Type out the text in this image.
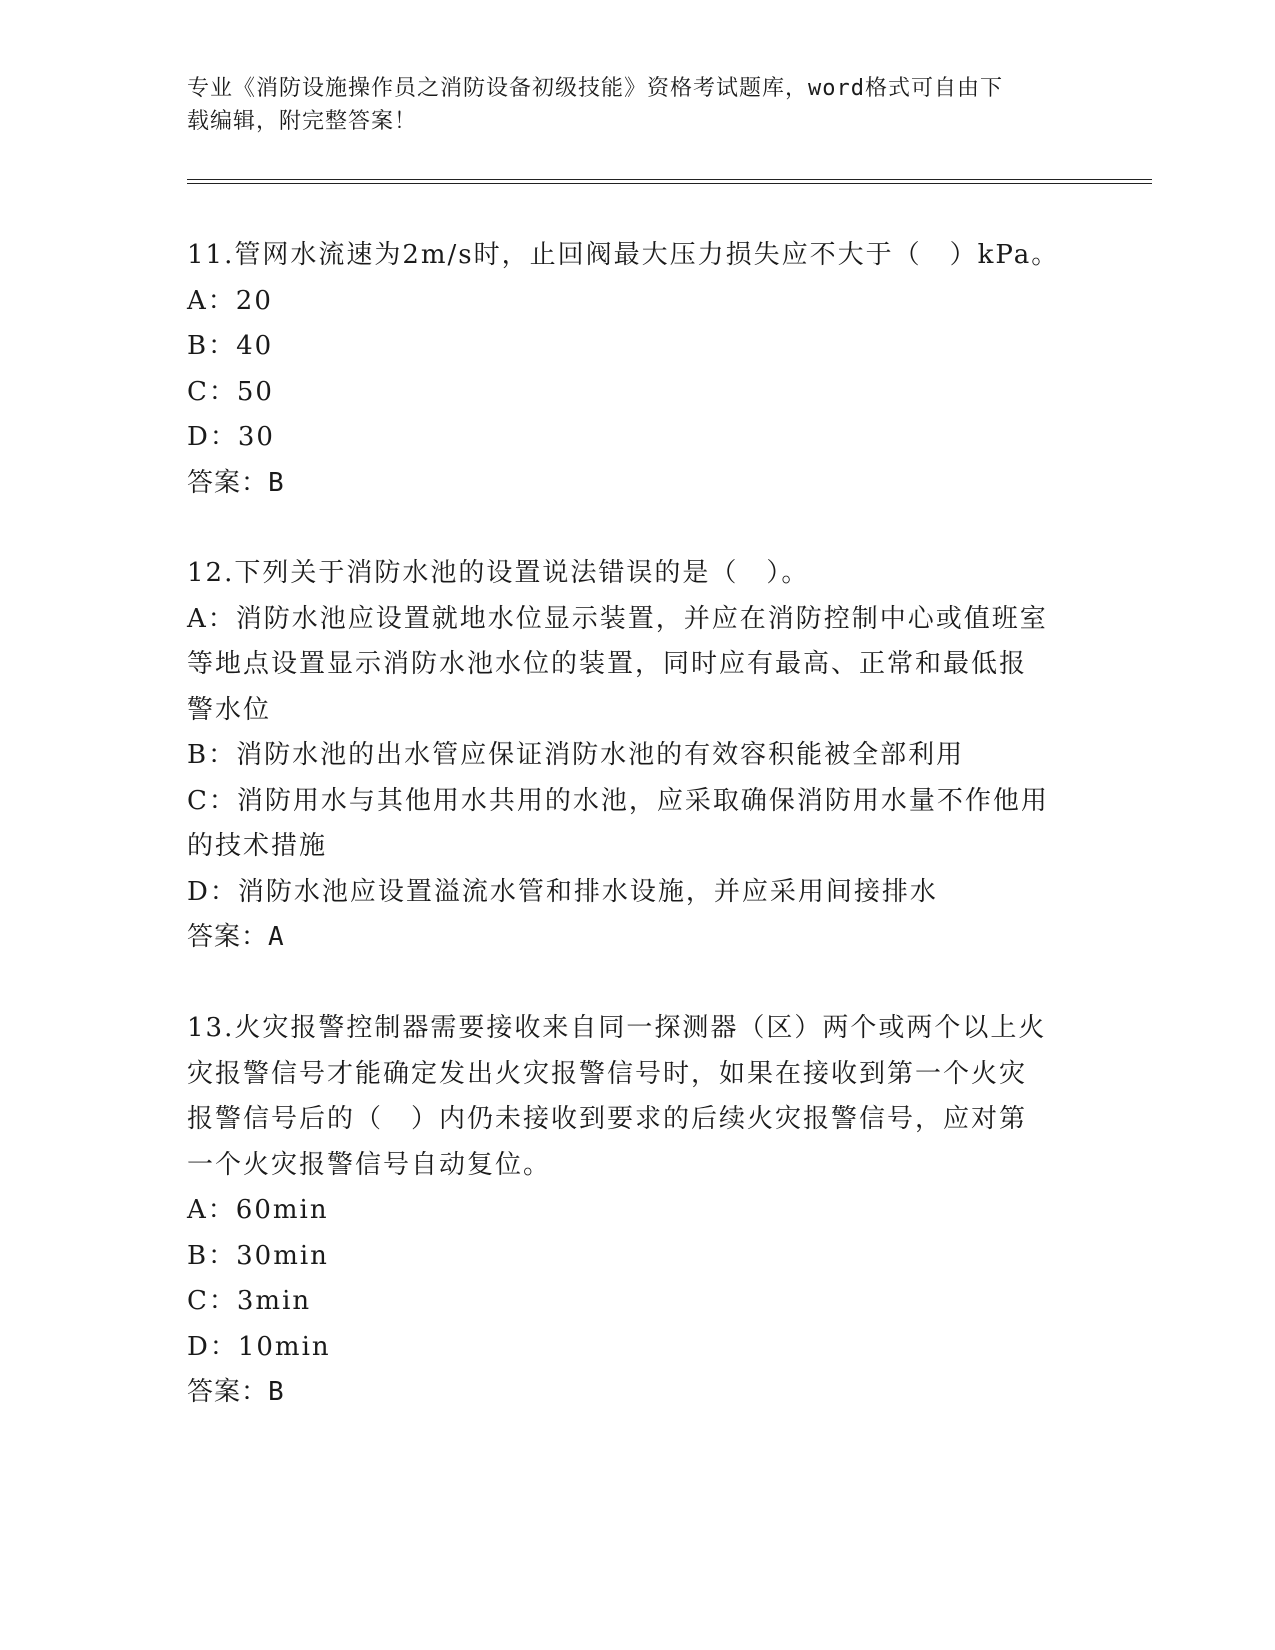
专业《消防设施操作员之消防设备初级技能》资格考试题库，word格式可自由下
载编辑，附完整答案！

11.管网水流速为2m/s时，止回阀最大压力损失应不大于（　）kPa。

A：20

B：40

C：50

D：30

答案：B

12.下列关于消防水池的设置说法错误的是（　）。

A：消防水池应设置就地水位显示装置，并应在消防控制中心或值班室

等地点设置显示消防水池水位的装置，同时应有最高、正常和最低报

警水位

B：消防水池的出水管应保证消防水池的有效容积能被全部利用

C：消防用水与其他用水共用的水池，应采取确保消防用水量不作他用

的技术措施

D：消防水池应设置溢流水管和排水设施，并应采用间接排水

答案：A

13.火灾报警控制器需要接收来自同一探测器（区）两个或两个以上火

灾报警信号才能确定发出火灾报警信号时，如果在接收到第一个火灾

报警信号后的（　）内仍未接收到要求的后续火灾报警信号，应对第

一个火灾报警信号自动复位。

A：60min

B：30min

C：3min

D：10min

答案：B
